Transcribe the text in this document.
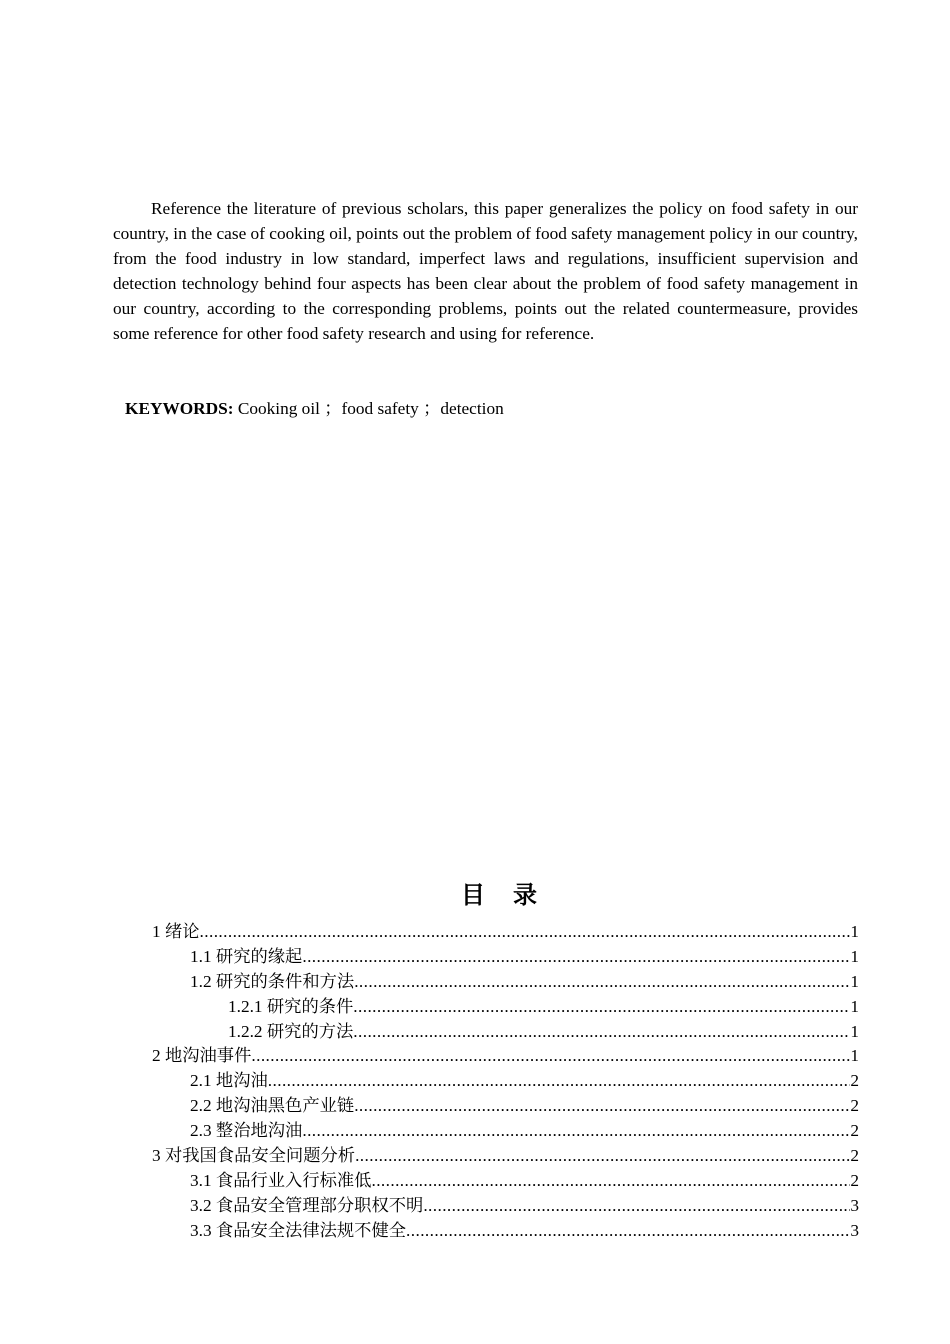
Reference the literature of previous scholars, this paper generalizes the policy on food safety in our country, in the case of cooking oil, points out the problem of food safety management policy in our country, from the food industry in low standard, imperfect laws and regulations, insufficient supervision and detection technology behind four aspects has been clear about the problem of food safety management in our country, according to the corresponding problems, points out the related countermeasure, provides some reference for other food safety research and using for reference.

KEYWORDS: Cooking oil ；food safety ；detection
目录
1 绪论 .....	1
1.1 研究的缘起 .....	1
1.2 研究的条件和方法 .....	1
1.2.1 研究的条件 .....	1
1.2.2 研究的方法 .....	1
2 地沟油事件 .....	1
2.1 地沟油 .....	2
2.2 地沟油黑色产业链 .....	2
2.3 整治地沟油 .....	2
3 对我国食品安全问题分析 .....	2
3.1 食品行业入行标准低 .....	2
3.2 食品安全管理部分职权不明 .....	3
3.3 食品安全法律法规不健全 .....	3
